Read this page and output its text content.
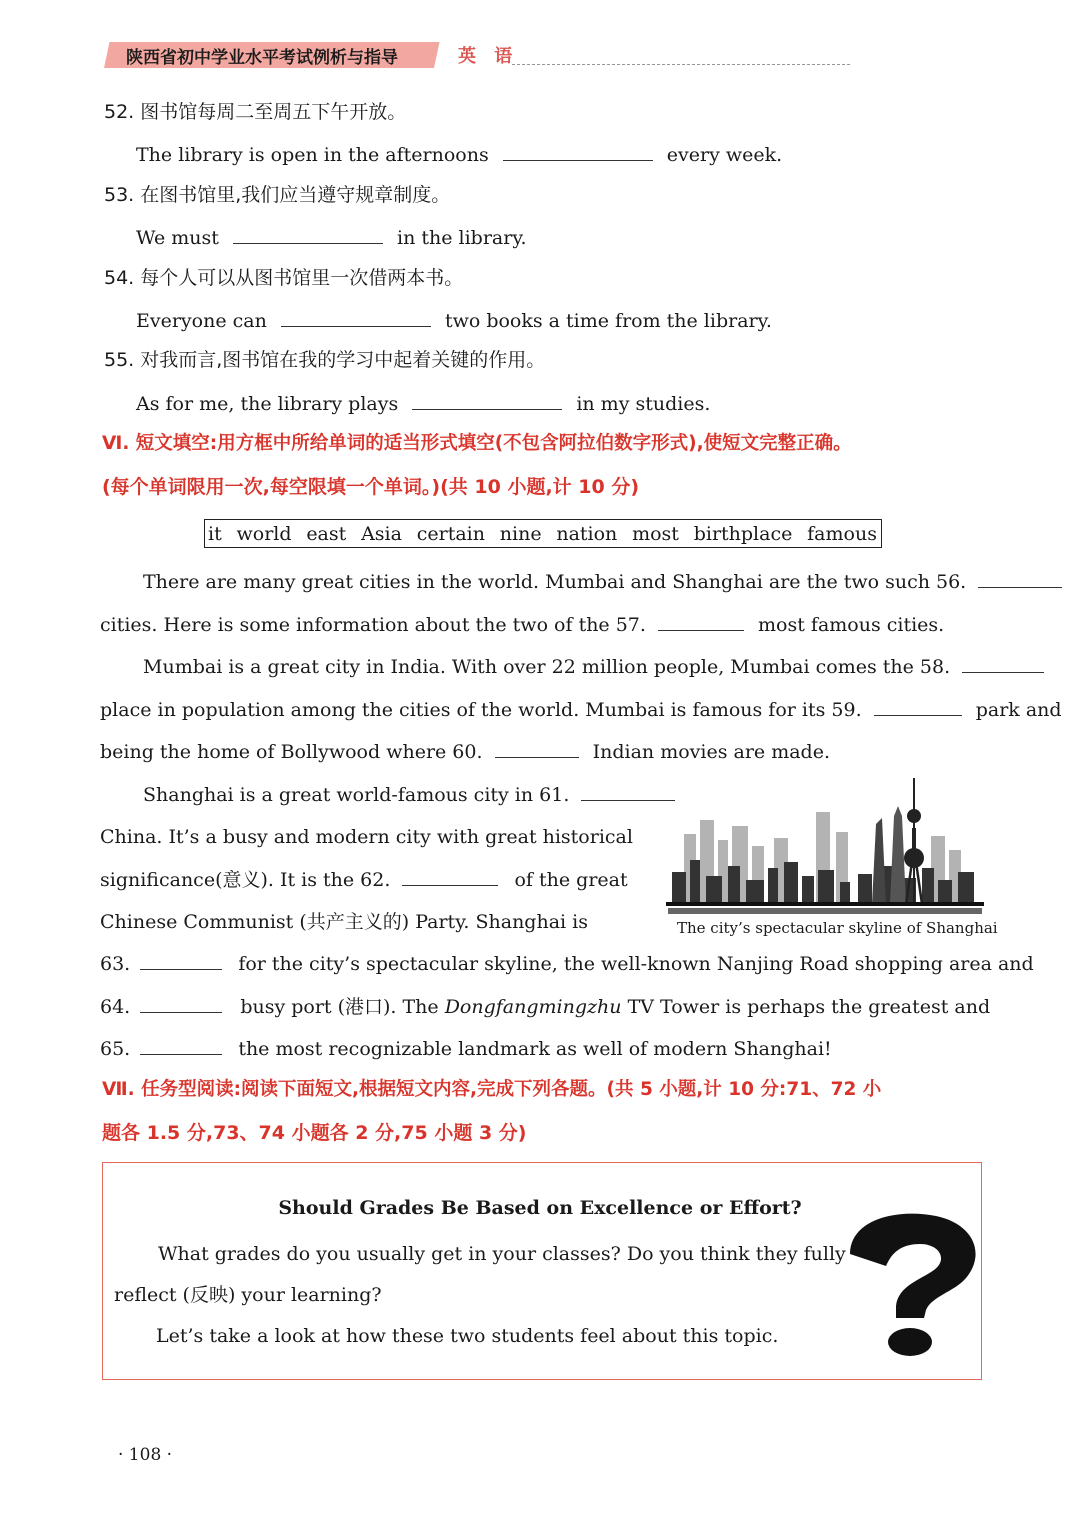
陕西省初中学业水平考试例析与指导	英 语
52. 图书馆每周二至周五下午开放。
The library is open in the afternoons	every week.
53. 在图书馆里,我们应当遵守规章制度。
We must	in the library.
54. 每个人可以从图书馆里一次借两本书。
Everyone can	two books a time from the library.
55. 对我而言,图书馆在我的学习中起着关键的作用。
As for me, the library plays	in my studies.
Ⅵ. 短文填空:用方框中所给单词的适当形式填空(不包含阿拉伯数字形式),使短文完整正确。
(每个单词限用一次,每空限填一个单词。)(共 10 小题,计 10 分)
it world east Asia certain nine nation most birthplace famous
There are many great cities in the world. Mumbai and Shanghai are the two such 56.
cities. Here is some information about the two of the 57.	most famous cities.
Mumbai is a great city in India. With over 22 million people, Mumbai comes the 58.
place in population among the cities of the world. Mumbai is famous for its 59.	park and
being the home of Bollywood where 60.	Indian movies are made.
Shanghai is a great world-famous city in 61.
China. It’s a busy and modern city with great historical
significance(意义). It is the 62.	of the great
Chinese Communist (共产主义的) Party. Shanghai is	The city’s spectacular skyline of Shanghai
63.	for the city’s spectacular skyline, the well-known Nanjing Road shopping area and
64.	busy port (港口). The Dongfangmingzhu TV Tower is perhaps the greatest and
65.	the most recognizable landmark as well of modern Shanghai!
Ⅶ. 任务型阅读:阅读下面短文,根据短文内容,完成下列各题。(共 5 小题,计 10 分:71、72 小
题各 1.5 分,73、74 小题各 2 分,75 小题 3 分)
Should Grades Be Based on Excellence or Effort?
What grades do you usually get in your classes? Do you think they fully
reflect (反映) your learning?
Let’s take a look at how these two students feel about this topic.
· 108 ·
